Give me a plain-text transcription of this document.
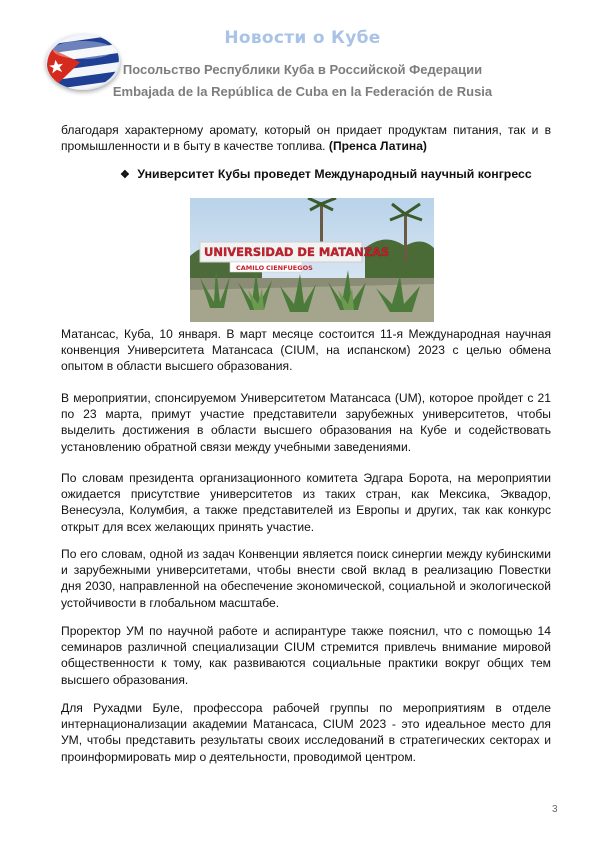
Новости о Кубе
Посольство Республики Куба в Российской Федерации
Embajada de la República de Cuba en la Federación de Rusia

благодаря характерному аромату, который он придает продуктам питания, так и в промышленности и в быту в качестве топлива. (Пренса Латина)

❖ Университет Кубы проведет Международный научный конгресс
UNIVERSIDAD DE MATANZAS
CAMILO CIENFUEGOS

Матансас, Куба, 10 января. В март месяце состоится 11-я Международная научная конвенция Университета Матансаса (CIUM, на испанском) 2023 с целью обмена опытом в области высшего образования.

В мероприятии, спонсируемом Университетом Матансаса (UM), которое пройдет с 21 по 23 марта, примут участие представители зарубежных университетов, чтобы выделить достижения в области высшего образования на Кубе и содействовать установлению обратной связи между учебными заведениями.

По словам президента организационного комитета Эдгара Борота, на мероприятии ожидается присутствие университетов из таких стран, как Мексика, Эквадор, Венесуэла, Колумбия, а также представителей из Европы и других, так как конкурс открыт для всех желающих принять участие.

По его словам, одной из задач Конвенции является поиск синергии между кубинскими и зарубежными университетами, чтобы внести свой вклад в реализацию Повестки дня 2030, направленной на обеспечение экономической, социальной и экологической устойчивости в глобальном масштабе.

Проректор УМ по научной работе и аспирантуре также пояснил, что с помощью 14 семинаров различной специализации CIUM стремится привлечь внимание мировой общественности к тому, как развиваются социальные практики вокруг общих тем высшего образования.

Для Рухадми Буле, профессора рабочей группы по мероприятиям в отделе интернационализации академии Матансаса, CIUM 2023 - это идеальное место для УМ, чтобы представить результаты своих исследований в стратегических секторах и проинформировать мир о деятельности, проводимой центром.

3
